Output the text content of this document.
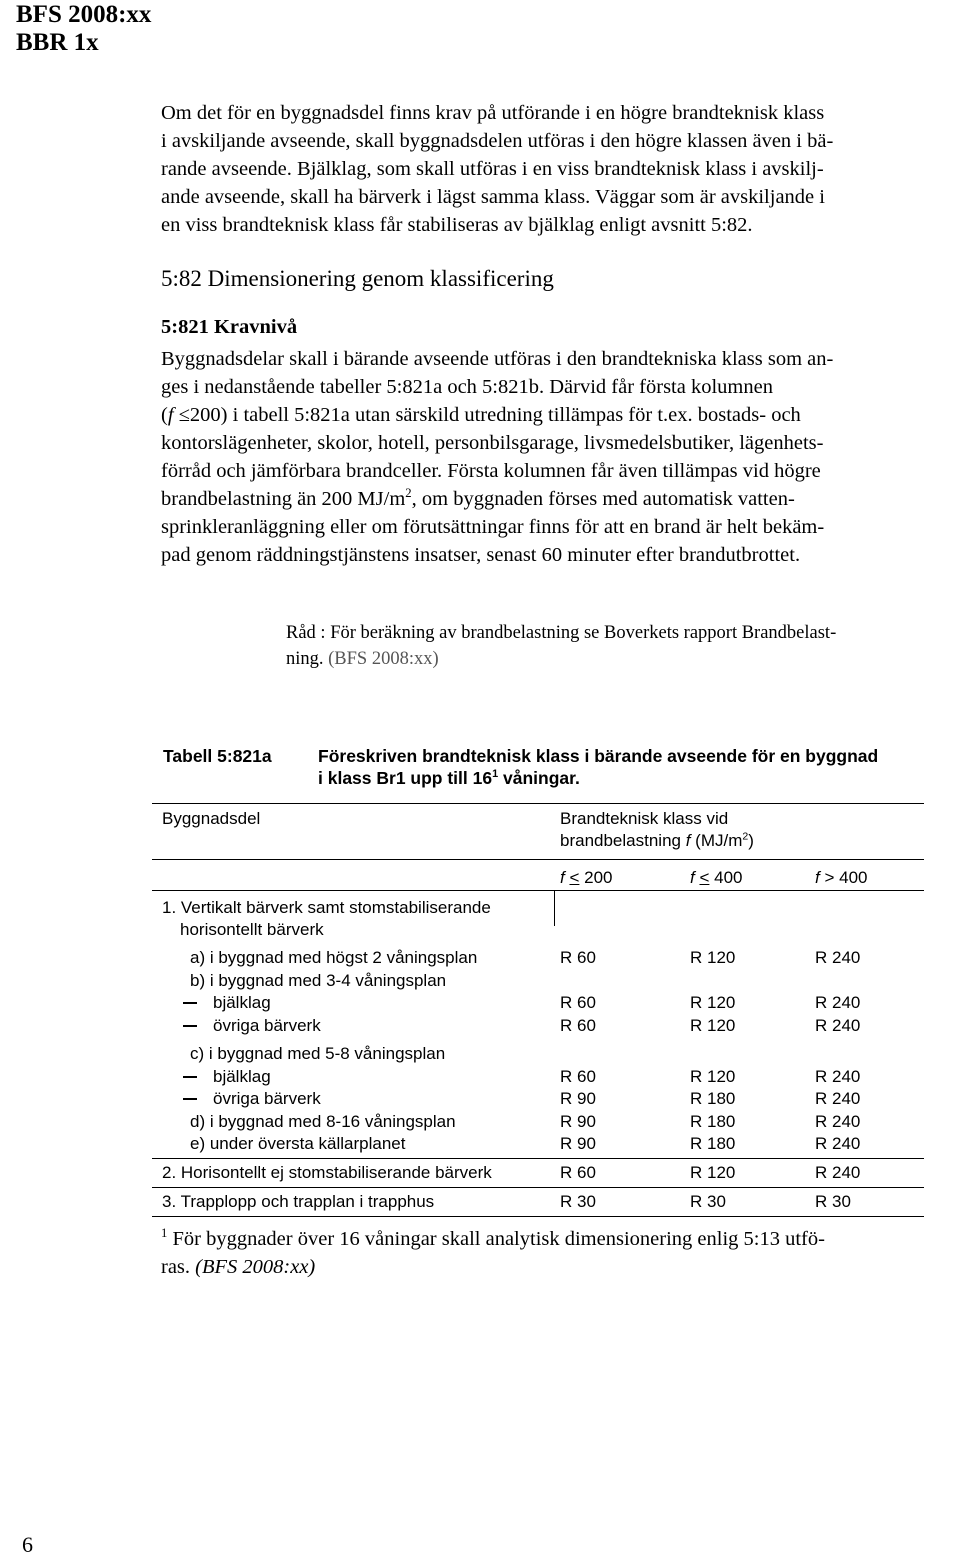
BFS 2008:xx
BBR 1x
Om det för en byggnadsdel finns krav på utförande i en högre brandteknisk klass
i avskiljande avseende, skall byggnadsdelen utföras i den högre klassen även i bä-
rande avseende. Bjälklag, som skall utföras i en viss brandteknisk klass i avskilj-
ande avseende, skall ha bärverk i lägst samma klass. Väggar som är avskiljande i
en viss brandteknisk klass får stabiliseras av bjälklag enligt avsnitt 5:82.
5:82 Dimensionering genom klassificering
5:821 Kravnivå
Byggnadsdelar skall i bärande avseende utföras i den brandtekniska klass som an-
ges i nedanstående tabeller 5:821a och 5:821b. Därvid får första kolumnen
(f ≤200) i tabell 5:821a utan särskild utredning tillämpas för t.ex. bostads- och
kontorslägenheter, skolor, hotell, personbilsgarage, livsmedelsbutiker, lägenhets-
förråd och jämförbara brandceller. Första kolumnen får även tillämpas vid högre
brandbelastning än 200 $MJ/m^2$, om byggnaden förses med automatisk vatten-
sprinkleranläggning eller om förutsättningar finns för att en brand är helt bekäm-
pad genom räddningstjänstens insatser, senast 60 minuter efter brandutbrottet.
Råd : För beräkning av brandbelastning se Boverkets rapport Brandbelast-
ning. (BFS 2008:xx)
Tabell 5:821a	Föreskriven brandteknisk klass i bärande avseende för en byggnad
i klass Br1 upp till $16^1$ våningar.
Byggnadsdel	Brandteknisk klass vid
brandbelastning f $(MJ/m^2)$
f < 200	f < 400	f > 400
1. Vertikalt bärverk samt stomstabiliserande
horisontellt bärverk
a) i byggnad med högst 2 våningsplan	R 60	R 120	R 240
b) i byggnad med 3-4 våningsplan
bjälklag	R 60	R 120	R 240
övriga bärverk	R 60	R 120	R 240
c) i byggnad med 5-8 våningsplan
bjälklag	R 60	R 120	R 240
övriga bärverk	R 90	R 180	R 240
d) i byggnad med 8-16 våningsplan	R 90	R 180	R 240
e) under översta källarplanet	R 90	R 180	R 240
2. Horisontellt ej stomstabiliserande bärverk	R 60	R 120	R 240
3. Trapplopp och trapplan i trapphus	R 30	R 30	R 30
$^1$ För byggnader över 16 våningar skall analytisk dimensionering enlig 5:13 utfö-
ras. (BFS 2008:xx)
6
